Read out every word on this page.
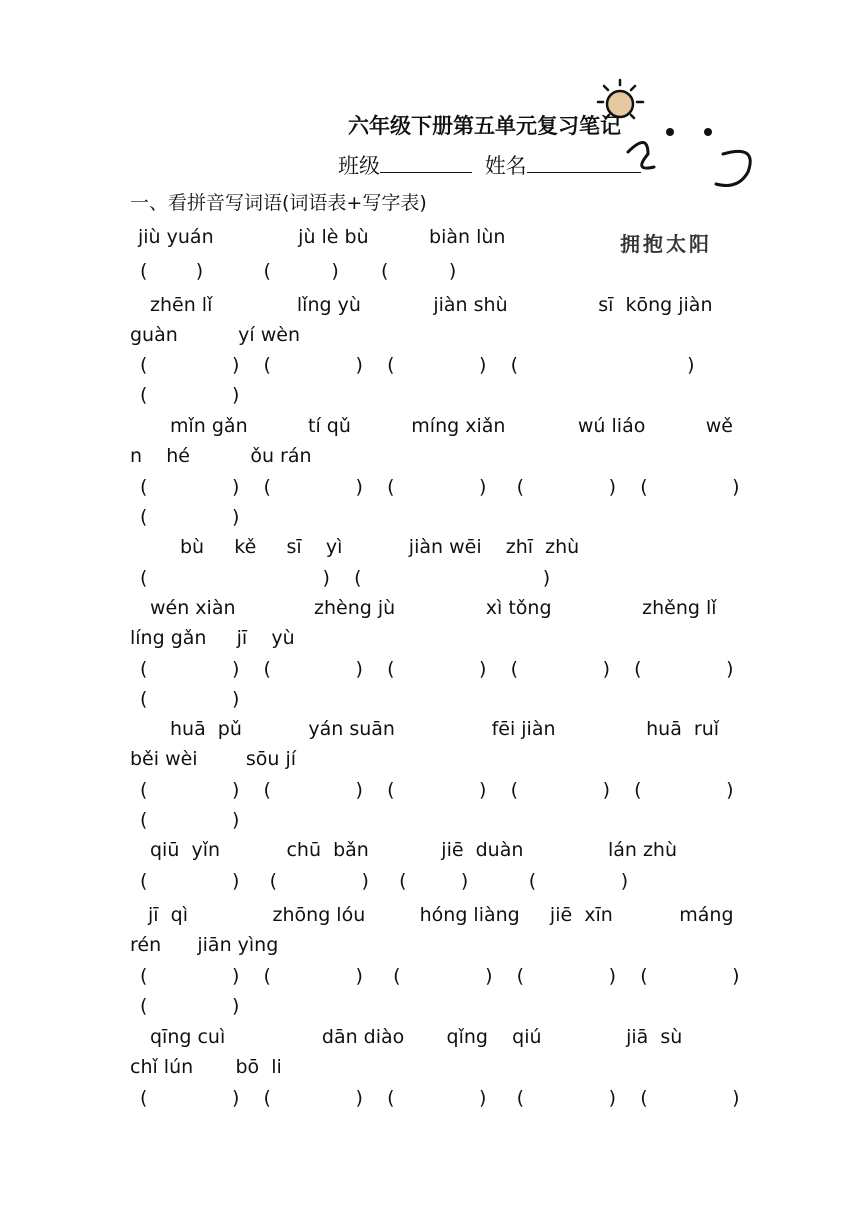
六年级下册第五单元复习笔记
班级	姓名
拥抱太阳
一、看拼音写词语(词语表+写字表)
jiù yuán              jù lè bù          biàn lùn
(        )          (          )       (          )
zhēn lǐ              lǐng yù            jiàn shù               sī  kōng jiàn
guàn          yí wèn
(              )    (              )    (              )    (                            )
(              )
mǐn gǎn          tí qǔ          míng xiǎn            wú liáo          wě
n    hé          ǒu rán
(              )    (              )    (              )     (              )    (              )
(              )
bù     kě     sī    yì           jiàn wēi    zhī  zhù
(                             )    (                              )
wén xiàn             zhèng jù               xì tǒng               zhěng lǐ
líng gǎn     jī    yù
(              )    (              )    (              )    (              )    (              )
(              )
huā  pǔ           yán suān                fēi jiàn               huā  ruǐ
běi wèi        sōu jí
(              )    (              )    (              )    (              )    (              )
(              )
qiū  yǐn           chū  bǎn            jiē  duàn              lán zhù
(              )     (              )     (         )          (              )
jī  qì              zhōng lóu         hóng liàng     jiē  xīn           máng
rén      jiān yìng
(              )    (              )     (              )    (              )    (              )
(              )
qīng cuì                dān diào       qǐng    qiú              jiā  sù
chǐ lún       bō  li
(              )    (              )    (              )     (              )    (              )
